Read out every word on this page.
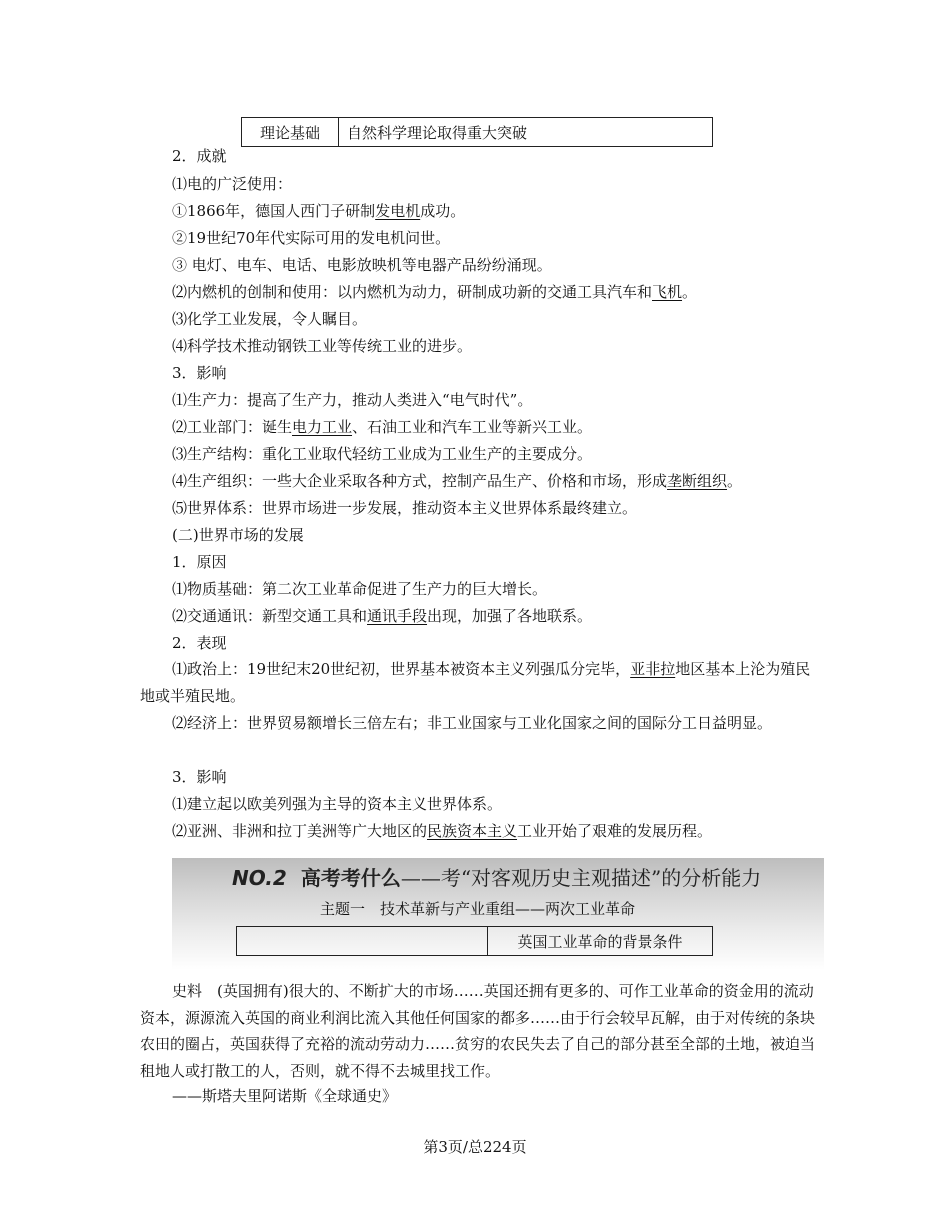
理论基础	自然科学理论取得重大突破
2．成就
⑴电的广泛使用：
①1866年，德国人西门子研制发电机成功。
②19世纪70年代实际可用的发电机问世。
③ 电灯、电车、电话、电影放映机等电器产品纷纷涌现。
⑵内燃机的创制和使用：以内燃机为动力，研制成功新的交通工具汽车和飞机。
⑶化学工业发展，令人瞩目。
⑷科学技术推动钢铁工业等传统工业的进步。
3．影响
⑴生产力：提高了生产力，推动人类进入“电气时代”。
⑵工业部门：诞生电力工业、石油工业和汽车工业等新兴工业。
⑶生产结构：重化工业取代轻纺工业成为工业生产的主要成分。
⑷生产组织：一些大企业采取各种方式，控制产品生产、价格和市场，形成垄断组织。
⑸世界体系：世界市场进一步发展，推动资本主义世界体系最终建立。
(二)世界市场的发展
1．原因
⑴物质基础：第二次工业革命促进了生产力的巨大增长。
⑵交通通讯：新型交通工具和通讯手段出现，加强了各地联系。
2．表现
⑴政治上：19世纪末20世纪初，世界基本被资本主义列强瓜分完毕，亚非拉地区基本上沦为殖民地或半殖民地。
⑵经济上：世界贸易额增长三倍左右；非工业国家与工业化国家之间的国际分工日益明显。
3．影响
⑴建立起以欧美列强为主导的资本主义世界体系。
⑵亚洲、非洲和拉丁美洲等广大地区的民族资本主义工业开始了艰难的发展历程。
NO.2 高考考什么——考“对客观历史主观描述”的分析能力
主题一　技术革新与产业重组——两次工业革命
	英国工业革命的背景条件
史料　(英国拥有)很大的、不断扩大的市场……英国还拥有更多的、可作工业革命的资金用的流动资本，源源流入英国的商业利润比流入其他任何国家的都多……由于行会较早瓦解，由于对传统的条块农田的圈占，英国获得了充裕的流动劳动力……贫穷的农民失去了自己的部分甚至全部的土地，被迫当租地人或打散工的人，否则，就不得不去城里找工作。
——斯塔夫里阿诺斯《全球通史》
第3页/总224页
